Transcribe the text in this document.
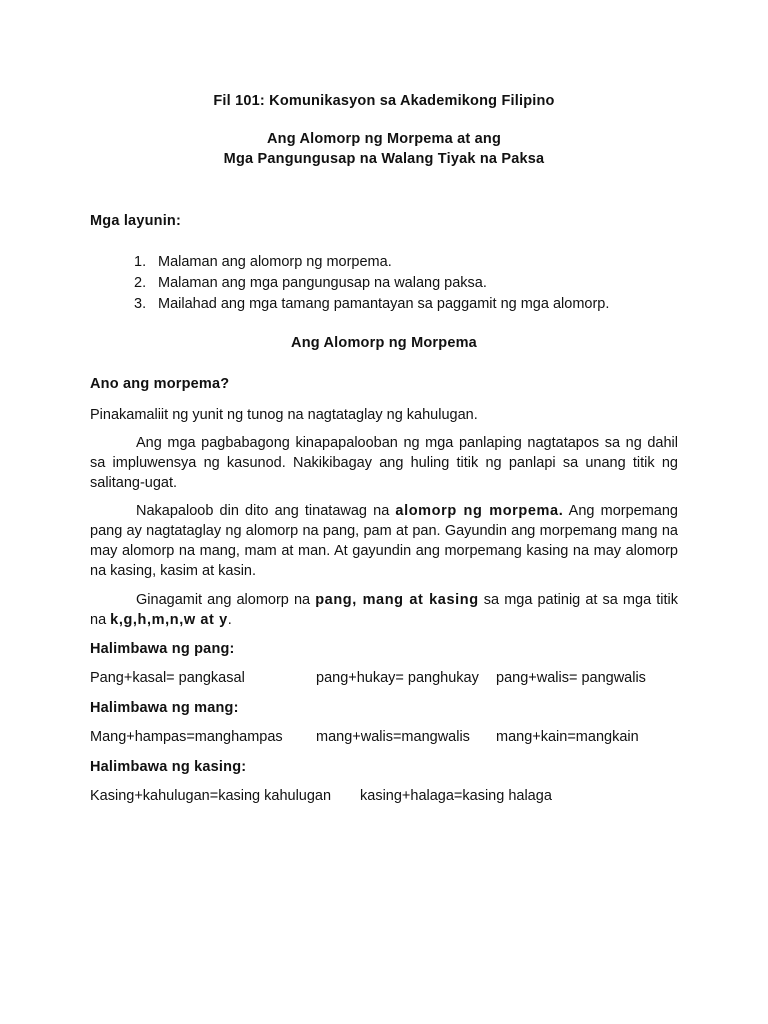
Fil 101: Komunikasyon sa Akademikong Filipino
Ang Alomorp ng Morpema at ang
Mga Pangungusap na Walang Tiyak na Paksa
Mga layunin:
1. Malaman ang alomorp ng morpema.
2. Malaman ang mga pangungusap na walang paksa.
3. Mailahad ang mga tamang pamantayan sa paggamit ng mga alomorp.
Ang Alomorp ng Morpema
Ano ang morpema?
Pinakamaliit ng yunit ng tunog na nagtataglay ng kahulugan.
Ang mga pagbabagong kinapapalooban ng mga panlaping nagtatapos sa ng dahil sa impluwensya ng kasunod. Nakikibagay ang huling titik ng panlapi sa unang titik ng salitang-ugat.
Nakapaloob din dito ang tinatawag na alomorp ng morpema. Ang morpemang pang ay nagtataglay ng alomorp na pang, pam at pan. Gayundin ang morpemang mang na may alomorp na mang, mam at man. At gayundin ang morpemang kasing na may alomorp na kasing, kasim at kasin.
Ginagamit ang alomorp na pang, mang at kasing sa mga patinig at sa mga titik na k,g,h,m,n,w at y.
Halimbawa ng pang:
Pang+kasal= pangkasal	pang+hukay= panghukay pang+walis= pangwalis
Halimbawa ng mang:
Mang+hampas=manghampas mang+walis=mangwalis mang+kain=mangkain
Halimbawa ng kasing:
Kasing+kahulugan=kasing kahulugan kasing+halaga=kasing halaga
